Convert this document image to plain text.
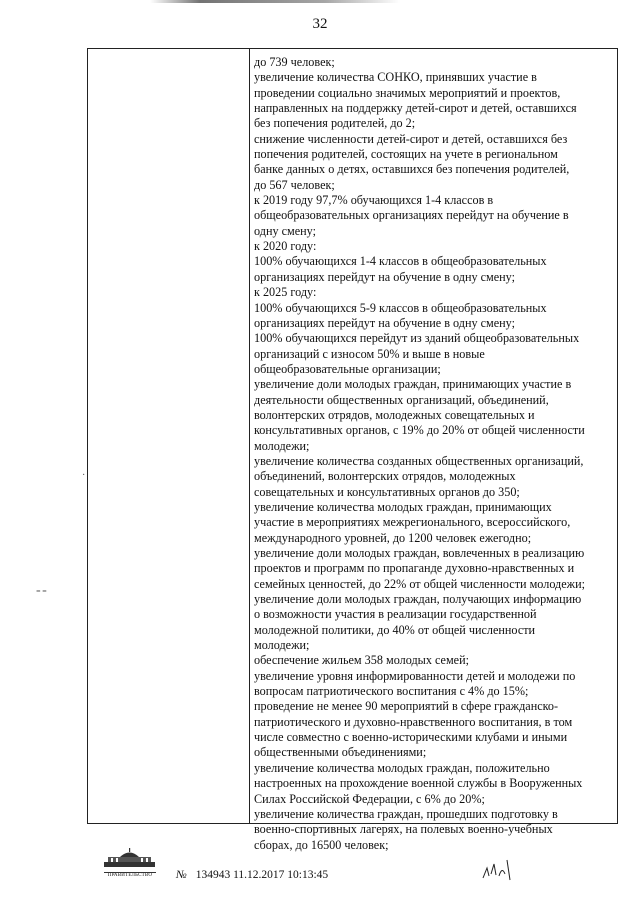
32
до 739 человек;
увеличение количества СОНКО, принявших участие в
проведении социально значимых мероприятий и проектов,
направленных на поддержку детей-сирот и детей, оставшихся
без попечения родителей, до 2;
снижение численности детей-сирот и детей, оставшихся без
попечения родителей, состоящих на учете в региональном
банке данных о детях, оставшихся без попечения родителей,
до 567 человек;
к 2019 году 97,7% обучающихся 1-4 классов в
общеобразовательных организациях перейдут на обучение в
одну смену;
к 2020 году:
100% обучающихся 1-4 классов в общеобразовательных
организациях перейдут на обучение в одну смену;
к 2025 году:
100% обучающихся 5-9 классов в общеобразовательных
организациях перейдут на обучение в одну смену;
100% обучающихся перейдут из зданий общеобразовательных
организаций с износом 50% и выше в новые
общеобразовательные организации;
увеличение доли молодых граждан, принимающих участие в
деятельности общественных организаций, объединений,
волонтерских отрядов, молодежных совещательных и
консультативных органов, с 19% до 20% от общей численности
молодежи;
увеличение количества созданных общественных организаций,
объединений, волонтерских отрядов, молодежных
совещательных и консультативных органов до 350;
увеличение количества молодых граждан, принимающих
участие в мероприятиях межрегионального, всероссийского,
международного уровней, до 1200 человек ежегодно;
увеличение доли молодых граждан, вовлеченных в реализацию
проектов и программ по пропаганде духовно-нравственных и
семейных ценностей, до 22% от общей численности молодежи;
увеличение доли молодых граждан, получающих информацию
о возможности участия в реализации государственной
молодежной политики, до 40% от общей численности
молодежи;
обеспечение жильем 358 молодых семей;
увеличение уровня информированности детей и молодежи по
вопросам патриотического воспитания с 4% до 15%;
проведение не менее 90 мероприятий в сфере гражданско-
патриотического и духовно-нравственного воспитания, в том
числе совместно с военно-историческими клубами и иными
общественными объединениями;
увеличение количества молодых граждан, положительно
настроенных на прохождение военной службы в Вооруженных
Силах Российской Федерации, с 6% до 20%;
увеличение количества граждан, прошедших подготовку в
военно-спортивных лагерях, на полевых военно-учебных
сборах, до 16500 человек;
·
‐ ‐
ПРАВИТЕЛЬСТВО	№ 134943 11.12.2017 10:13:45
